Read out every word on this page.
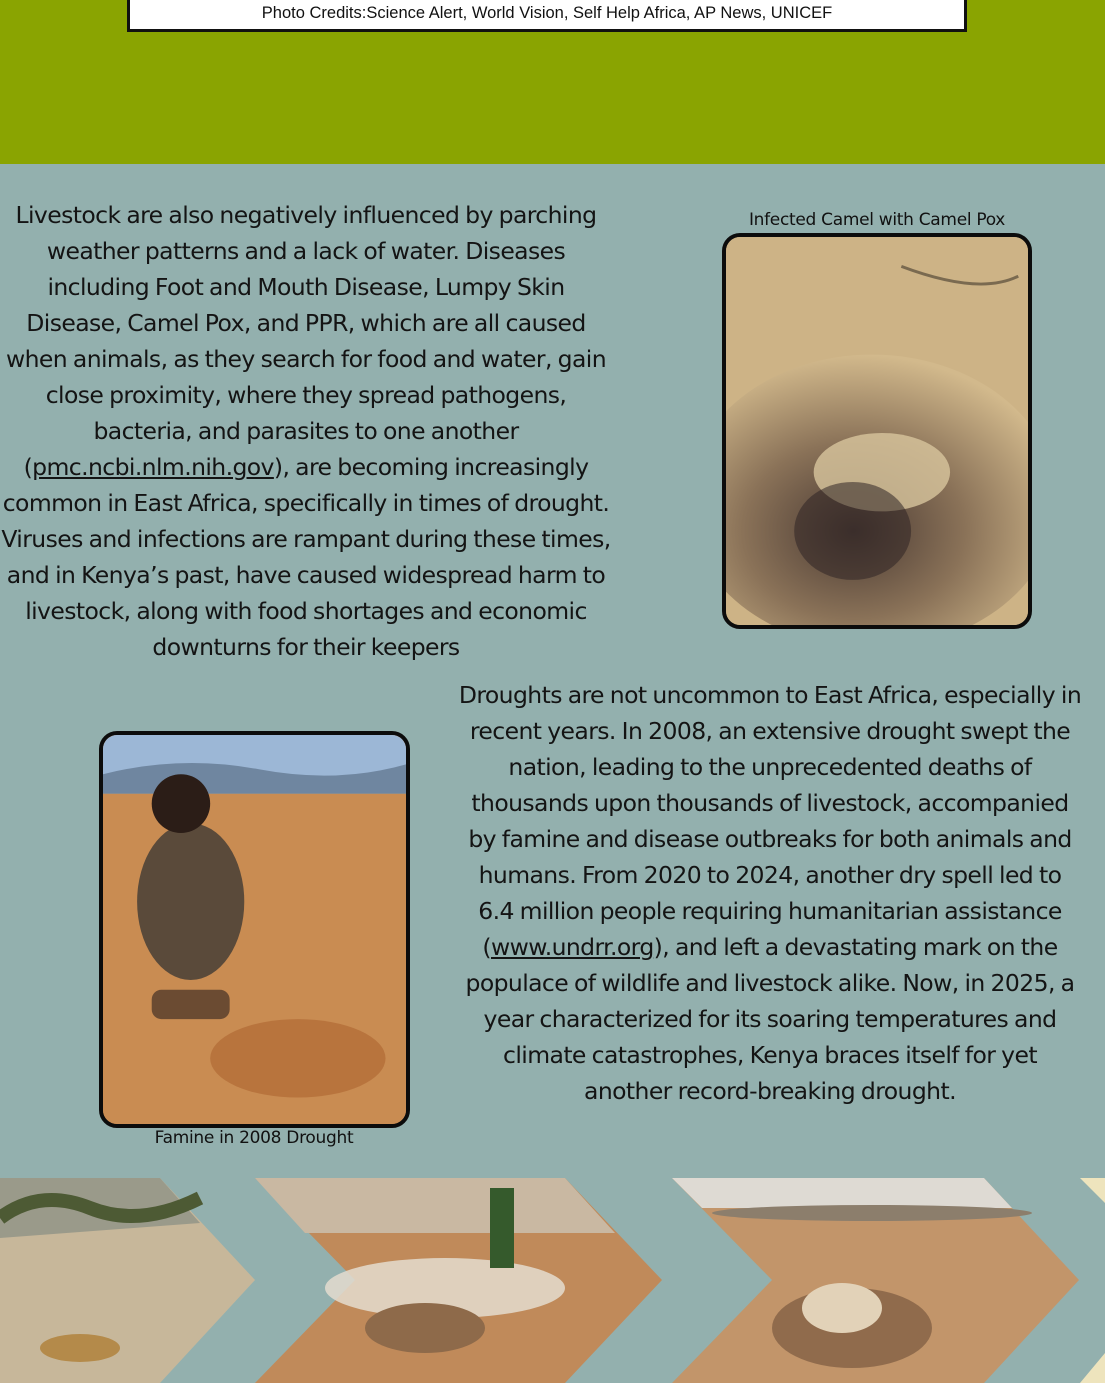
Photo Credits:Science Alert, World Vision, Self Help Africa, AP News, UNICEF
Livestock are also negatively influenced by parching weather patterns and a lack of water. Diseases including Foot and Mouth Disease, Lumpy Skin Disease, Camel Pox, and PPR, which are all caused when animals, as they search for food and water, gain close proximity, where they spread pathogens, bacteria, and parasites to one another (pmc.ncbi.nlm.nih.gov), are becoming increasingly common in East Africa, specifically in times of drought. Viruses and infections are rampant during these times, and in Kenya’s past, have caused widespread harm to livestock, along with food shortages and economic downturns for their keepers
Infected Camel with Camel Pox
Famine in 2008 Drought
Droughts are not uncommon to East Africa, especially in recent years. In 2008, an extensive drought swept the nation, leading to the unprecedented deaths of thousands upon thousands of livestock, accompanied by famine and disease outbreaks for both animals and humans. From 2020 to 2024, another dry spell led to 6.4 million people requiring humanitarian assistance (www.undrr.org), and left a devastating mark on the populace of wildlife and livestock alike. Now, in 2025, a year characterized for its soaring temperatures and climate catastrophes, Kenya braces itself for yet another record-breaking drought.
